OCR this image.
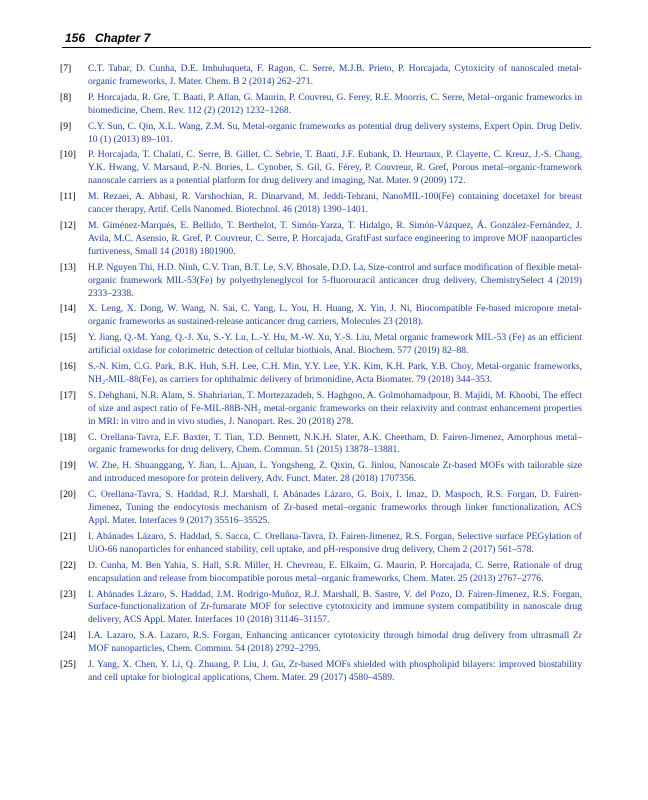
156 Chapter 7
[7]	C.T. Tabar, D. Cunha, D.E. Imbuluqueta, F. Ragon, C. Serre, M.J.B. Prieto, P. Horcajada, Cytoxicity of nanoscaled metal-organic frameworks, J. Mater. Chem. B 2 (2014) 262–271.
[8]	P. Horcajada, R. Gre, T. Baati, P. Allan, G. Maurin, P. Couvreu, G. Ferey, R.E. Moorris, C. Serre, Metal–organic frameworks in biomedicine, Chem. Rev. 112 (2) (2012) 1232–1268.
[9]	C.Y. Sun, C. Qin, X.L. Wang, Z.M. Su, Metal-organic frameworks as potential drug delivery systems, Expert Opin. Drug Deliv. 10 (1) (2013) 89–101.
[10]	P. Horcajada, T. Chalati, C. Serre, B. Gillet, C. Sebrie, T. Baati, J.F. Eubank, D. Heurtaux, P. Clayette, C. Kreuz, J.-S. Chang, Y.K. Hwang, V. Marsaud, P.-N. Bories, L. Cynober, S. Gil, G. Férey, P. Couvreur, R. Gref, Porous metal–organic-framework nanoscale carriers as a potential platform for drug delivery and imaging, Nat. Mater. 9 (2009) 172.
[11]	M. Rezaei, A. Abbasi, R. Varshochian, R. Dinarvand, M. Jeddi-Tehrani, NanoMIL-100(Fe) containing docetaxel for breast cancer therapy, Artif. Cells Nanomed. Biotechnol. 46 (2018) 1390–1401.
[12]	M. Giménez-Marqués, E. Bellido, T. Berthelot, T. Simón-Yarza, T. Hidalgo, R. Simón-Vázquez, Á. González-Fernández, J. Avila, M.C. Asensio, R. Gref, P. Couvreur, C. Serre, P. Horcajada, GraftFast surface engineering to improve MOF nanoparticles furtiveness, Small 14 (2018) 1801900.
[13]	H.P. Nguyen Thi, H.D. Ninh, C.V. Tran, B.T. Le, S.V. Bhosale, D.D. La, Size-control and surface modification of flexible metal-organic framework MIL-53(Fe) by polyethyleneglycol for 5-fluorouracil anticancer drug delivery, ChemistrySelect 4 (2019) 2333–2338.
[14]	X. Leng, X. Dong, W. Wang, N. Sai, C. Yang, L. You, H. Huang, X. Yin, J. Ni, Biocompatible Fe-based micropore metal-organic frameworks as sustained-release anticancer drug carriers, Molecules 23 (2018).
[15]	Y. Jiang, Q.-M. Yang, Q.-J. Xu, S.-Y. Lu, L.-Y. Hu, M.-W. Xu, Y.-S. Liu, Metal organic framework MIL-53 (Fe) as an efficient artificial oxidase for colorimetric detection of cellular biothiols, Anal. Biochem. 577 (2019) 82–88.
[16]	S.-N. Kim, C.G. Park, B.K. Huh, S.H. Lee, C.H. Min, Y.Y. Lee, Y.K. Kim, K.H. Park, Y.B. Choy, Metal-organic frameworks, NH₂-MIL-88(Fe), as carriers for ophthalmic delivery of brimonidine, Acta Biomater. 79 (2018) 344–353.
[17]	S. Dehghani, N.R. Alam, S. Shahriarian, T. Mortezazadeh, S. Haghgoo, A. Golmohamadpour, B. Majidi, M. Khoobi, The effect of size and aspect ratio of Fe-MIL-88B-NH₂ metal-organic frameworks on their relaxivity and contrast enhancement properties in MRI: in vitro and in vivo studies, J. Nanopart. Res. 20 (2018) 278.
[18]	C. Orellana-Tavra, E.F. Baxter, T. Tian, T.D. Bennett, N.K.H. Slater, A.K. Cheetham, D. Fairen-Jimenez, Amorphous metal–organic frameworks for drug delivery, Chem. Commun. 51 (2015) 13878–13881.
[19]	W. Zhe, H. Shuanggang, Y. Jian, L. Ajuan, L. Yongsheng, Z. Qixin, G. Jinlou, Nanoscale Zr-based MOFs with tailorable size and introduced mesopore for protein delivery, Adv. Funct. Mater. 28 (2018) 1707356.
[20]	C. Orellana-Tavra, S. Haddad, R.J. Marshall, I. Abánades Lázaro, G. Boix, I. Imaz, D. Maspoch, R.S. Forgan, D. Fairen-Jimenez, Tuning the endocytosis mechanism of Zr-based metal–organic frameworks through linker functionalization, ACS Appl. Mater. Interfaces 9 (2017) 35516–35525.
[21]	I. Abánades Lázaro, S. Haddad, S. Sacca, C. Orellana-Tavra, D. Fairen-Jimenez, R.S. Forgan, Selective surface PEGylation of UiO-66 nanoparticles for enhanced stability, cell uptake, and pH-responsive drug delivery, Chem 2 (2017) 561–578.
[22]	D. Cunha, M. Ben Yahia, S. Hall, S.R. Miller, H. Chevreau, E. Elkaïm, G. Maurin, P. Horcajada, C. Serre, Rationale of drug encapsulation and release from biocompatible porous metal–organic frameworks, Chem. Mater. 25 (2013) 2767–2776.
[23]	I. Abánades Lázaro, S. Haddad, J.M. Rodrigo-Muñoz, R.J. Marshall, B. Sastre, V. del Pozo, D. Fairen-Jimenez, R.S. Forgan, Surface-functionalization of Zr-fumarate MOF for selective cytotoxicity and immune system compatibility in nanoscale drug delivery, ACS Appl. Mater. Interfaces 10 (2018) 31146–31157.
[24]	I.A. Lazaro, S.A. Lazaro, R.S. Forgan, Enhancing anticancer cytotoxicity through bimodal drug delivery from ultrasmall Zr MOF nanoparticles, Chem. Commun. 54 (2018) 2792–2795.
[25]	J. Yang, X. Chen, Y. Li, Q. Zhuang, P. Liu, J. Gu, Zr-based MOFs shielded with phospholipid bilayers: improved biostability and cell uptake for biological applications, Chem. Mater. 29 (2017) 4580–4589.
